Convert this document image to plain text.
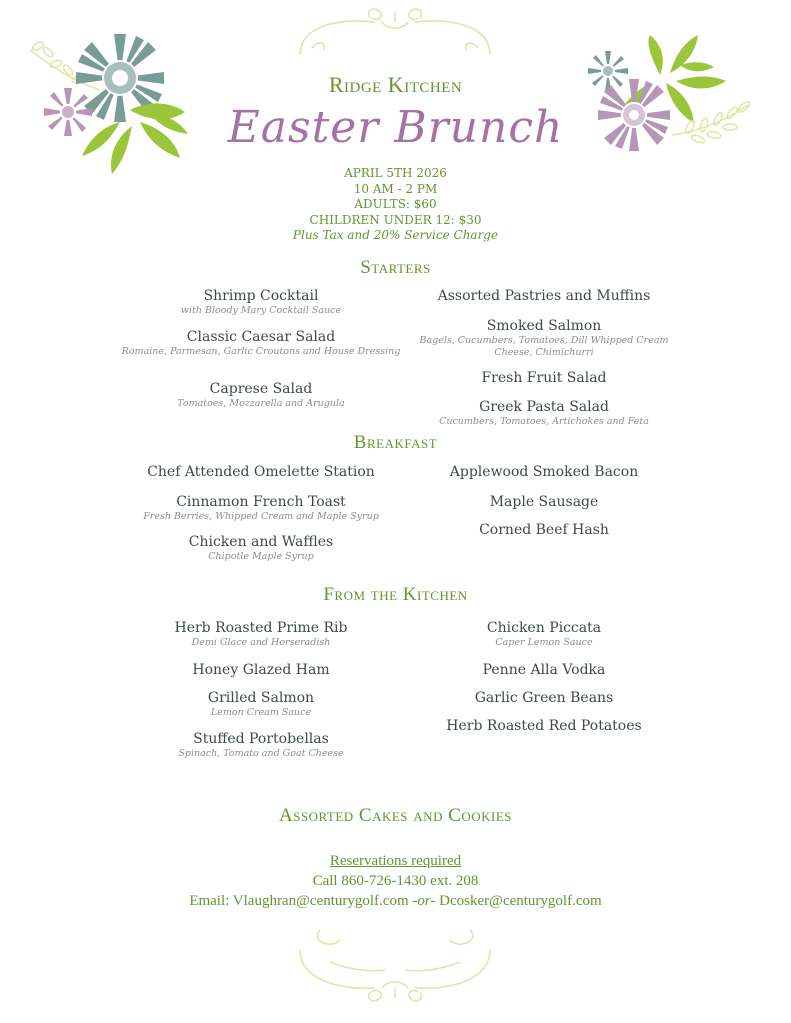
Ridge Kitchen
Easter Brunch
APRIL 5TH 2026
10 AM - 2 PM
ADULTS: $60
CHILDREN UNDER 12: $30
Plus Tax and 20% Service Charge
Starters
Shrimp Cocktail
with Bloody Mary Cocktail Sauce
Classic Caesar Salad
Romaine, Parmesan, Garlic Croutons and House Dressing
Caprese Salad
Tomatoes, Mozzarella and Arugula
Assorted Pastries and Muffins
Smoked Salmon
Bagels, Cucumbers, Tomatoes, Dill Whipped Cream Cheese, Chimichurri
Fresh Fruit Salad
Greek Pasta Salad
Cucumbers, Tomatoes, Artichokes and Feta
Breakfast
Chef Attended Omelette Station
Cinnamon French Toast
Fresh Berries, Whipped Cream and Maple Syrup
Chicken and Waffles
Chipotle Maple Syrup
Applewood Smoked Bacon
Maple Sausage
Corned Beef Hash
From the Kitchen
Herb Roasted Prime Rib
Demi Glace and Horseradish
Honey Glazed Ham
Grilled Salmon
Lemon Cream Sauce
Stuffed Portobellas
Spinach, Tomato and Goat Cheese
Chicken Piccata
Caper Lemon Sauce
Penne Alla Vodka
Garlic Green Beans
Herb Roasted Red Potatoes
Assorted Cakes and Cookies
Reservations required
Call 860-726-1430 ext. 208
Email: Vlaughran@centurygolf.com -or- Dcosker@centurygolf.com
